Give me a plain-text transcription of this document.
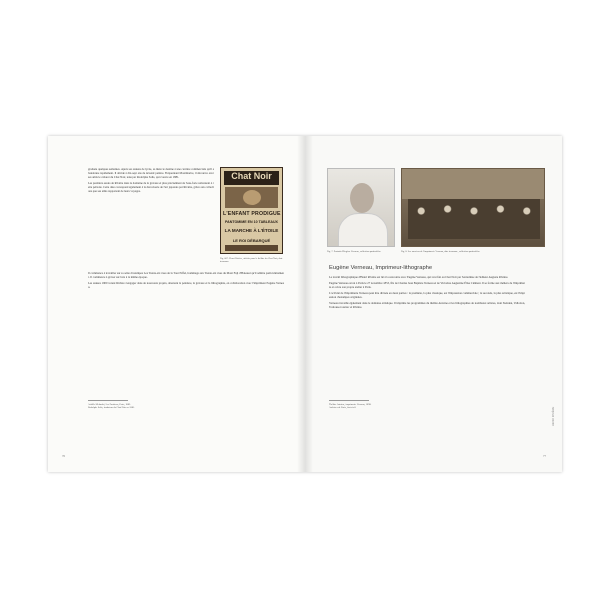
graduée quelques semaines. Après ses années de lycée, sa mère le destine à une carrière commerciale qu'il abandonne rapidement. Il décide à dix-sept ans de devenir peintre. Fréquentant Montmartre, il découvre avec ses amis le cabaret du Chat Noir, tenu par Rodolphe Salis, qui s'ouvre en 1881.

Les premiers essais de Rivière dans le domaine de la gravure et plus précisément de l'eau-forte remontent à cette période. Cette date correspond également à la découverte de l'art japonais par Rivière, grâce aux collections que ses amis rapportent de leurs voyages.

Chat Noir
L'ENFANT PRODIGUE
PANTOMIME EN 10 TABLEAUX
LA MARCHE À L'ÉTOILE
LE ROI DÉBARQUÉ
Fig. 007. Henri Rivière, affiche pour le théâtre du Chat Noir, date inconnue

Il commence à travailler sur sa série d'estampes Les Trente-six vues de la Tour Eiffel, hommage aux Trente-six vues du Mont Fuji d'Hokusai qu'il admire particulièrement. Il commence à graver sur bois à la même époque.

Les années 1900 voient Rivière s'engager dans de nouveaux projets, alternant la peinture, la gravure et la lithographie, en collaboration avec l'imprimeur Eugène Verneau.

Achille Melandri, Les Parisiens, Paris, 1883.
Rodolphe Salis, fondateur du Chat Noir en 1881.
76
Fig. 7. Portrait d'Eugène Verneau, collection particulière	Fig. 8. Les ouvriers de l'imprimerie Verneau, date inconnue, collection particulière
Eugène Verneau, Imprimeur-lithographe

Le travail lithographique d'Henri Rivière est lié à la rencontre avec Eugène Verneau, qui s'est fait au Chat Noir par l'entremise de l'éditeur Auguste Rivière.

Eugène Verneau est né à Paris le 27 novembre 1853, fils de Charles Jean Baptiste Verneau et de Victorine Augustine Élise Clément. Il se forme aux métiers de l'imprimerie et ouvre son propre atelier à Paris.

L'activité de l'imprimerie Verneau peut être divisée en deux parties : la première, la plus classique, est l'impression commerciale ; la seconde, la plus artistique, est l'impression d'estampes originales.

Verneau travaille également dans le domaine artistique. Il imprime les programmes du théâtre Antoine et les lithographies de nombreux artistes, dont Steinlen, Vallotton, Toulouse-Lautrec et Rivière.

Théâtre Antoine, imprimerie Verneau, 1898.
Archives de Paris, état civil.	HENRI RIVIÈRE
77
